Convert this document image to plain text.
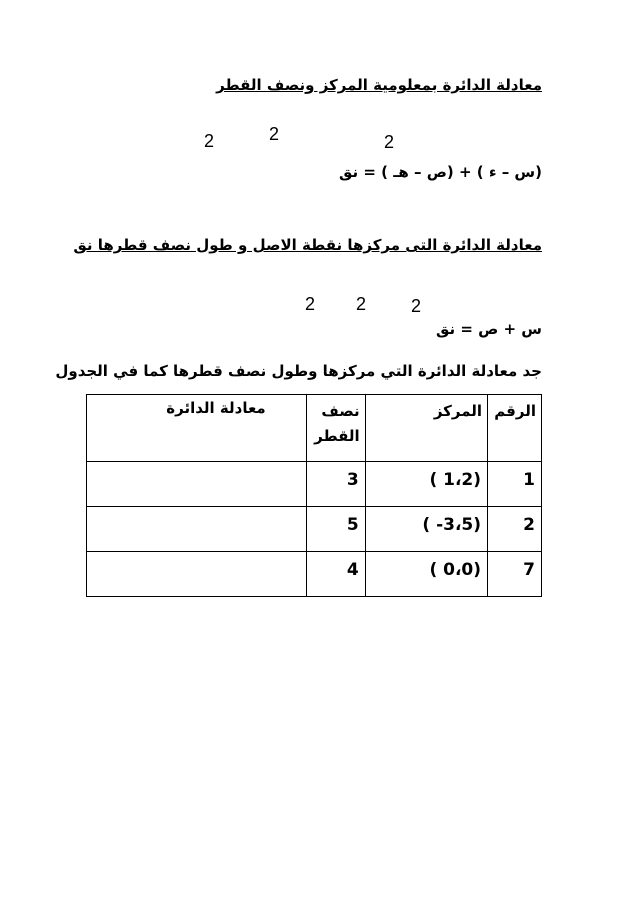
معادلة الدائرة بمعلومية المركز ونصف القطر
2	2	2
(س – ء ) + (ص – هـ ) = نق
معادلة الدائرة التى مركزها نقطة الاصل و طول نصف قطرها نق
2 2 2
س + ص = نق
جد معادلة الدائرة التي مركزها وطول نصف قطرها كما في الجدول
الرقم	المركز	نصف القطر	معادلة الدائرة

1	(1،2 )	3	

2	(3،5- )	5	

7	(0،0 )	4	
